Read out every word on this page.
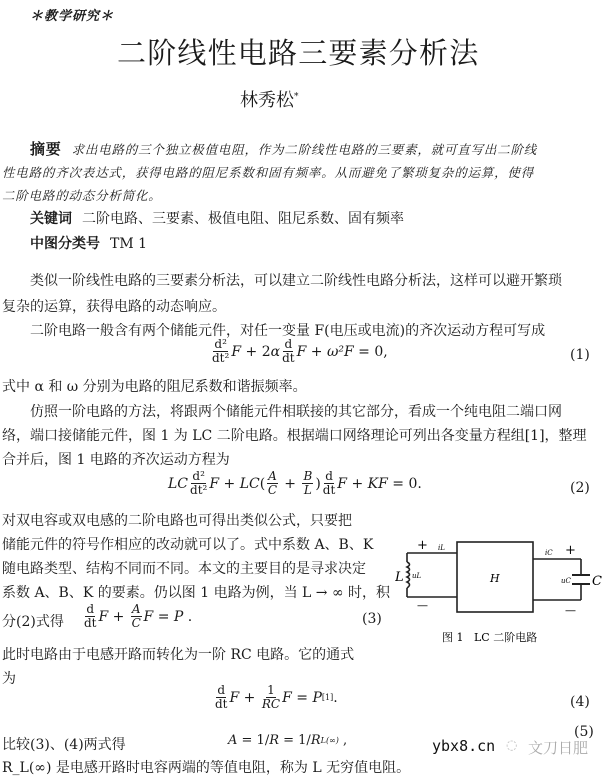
＊教学研究＊
二阶线性电路三要素分析法
林秀松*
摘要 求出电路的三个独立极值电阻，作为二阶线性电路的三要素，就可直写出二阶线
性电路的齐次表达式，获得电路的阻尼系数和固有频率。从而避免了繁琐复杂的运算，使得
二阶电路的动态分析简化。
关键词 二阶电路、三要素、极值电阻、阻尼系数、固有频率
中图分类号 TM 1
类似一阶线性电路的三要素分析法，可以建立二阶线性电路分析法，这样可以避开繁琐
复杂的运算，获得电路的动态响应。
二阶电路一般含有两个储能元件，对任一变量 F(电压或电流)的齐次运动方程可写成
$\frac{\text{d²}}{\text{dt²}}$ F + 2 α $\frac{d}{dt}$ F + ω²F = 0,	(1)
式中 α 和 ω 分别为电路的阻尼系数和谐振频率。
仿照一阶电路的方法，将跟两个储能元件相联接的其它部分，看成一个纯电阻二端口网
络，端口接储能元件，图 1 为 LC 二阶电路。根据端口网络理论可列出各变量方程组[1]，整理
合并后，图 1 电路的齐次运动方程为
LC $\frac{\text{d²}}{\text{dt²}}$ F + LC ( $\frac{A}{C} + \frac{B}{L}$ ) $\frac{d}{dt}$ F + KF = 0.	(2)
对双电容或双电感的二阶电路也可得出类似公式，只要把
储能元件的符号作相应的改动就可以了。式中系数 A、B、K
随电路类型、结构不同而不同。本文的主要目的是寻求决定
系数 A、B、K 的要素。仍以图 1 电路为例，当 L → ∞ 时，积
分(2)式得 $\frac{d}{dt}$ $F + \frac{A}{C}$ F = P .	(3)
L uL
+
—
iL
H
iC +
—
uC C
图 1   LC 二阶电路
此时电路由于电感开路而转化为一阶 RC 电路。它的通式
为
$\frac{d}{dt}$ $F + \frac{1}{RC}$ F = P [1] .	(4)
比较(3)、(4)两式得	A = 1/ R = 1/ R L(∞)
,
(5)
R_L(∞) 是电感开路时电容两端的等值电阻，称为 L 无穷值电阻。
ybx8.cn ◌ 文刀日肥
